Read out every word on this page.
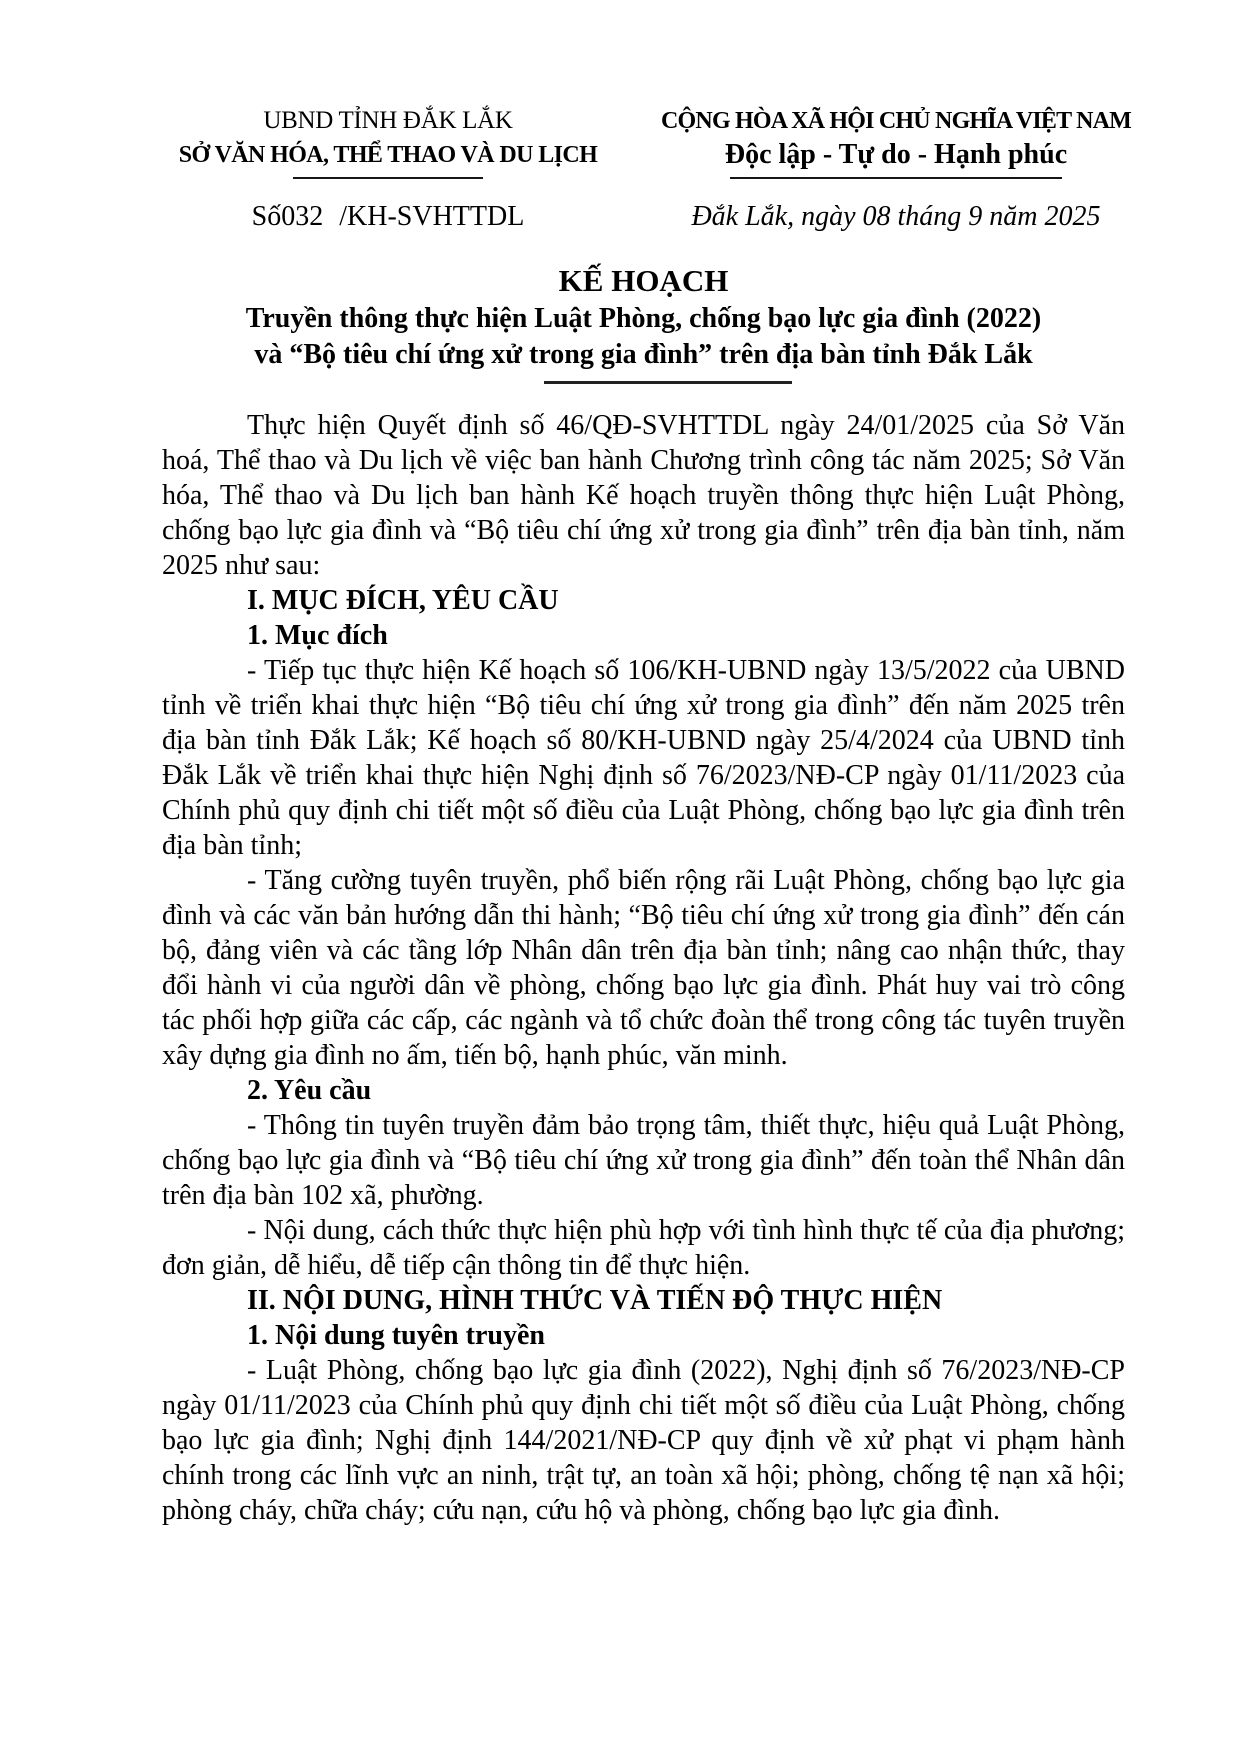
UBND TỈNH ĐẮK LẮK
SỞ VĂN HÓA, THỂ THAO VÀ DU LỊCH
CỘNG HÒA XÃ HỘI CHỦ NGHĨA VIỆT NAM
Độc lập - Tự do - Hạnh phúc
Số032 /KH-SVHTTDL	Đắk Lắk, ngày 08 tháng 9 năm 2025
KẾ HOẠCH
Truyền thông thực hiện Luật Phòng, chống bạo lực gia đình (2022)
và “Bộ tiêu chí ứng xử trong gia đình” trên địa bàn tỉnh Đắk Lắk

Thực hiện Quyết định số 46/QĐ-SVHTTDL ngày 24/01/2025 của Sở Văn hoá, Thể thao và Du lịch về việc ban hành Chương trình công tác năm 2025; Sở Văn hóa, Thể thao và Du lịch ban hành Kế hoạch truyền thông thực hiện Luật Phòng, chống bạo lực gia đình và “Bộ tiêu chí ứng xử trong gia đình” trên địa bàn tỉnh, năm 2025 như sau:

I. MỤC ĐÍCH, YÊU CẦU

1. Mục đích

- Tiếp tục thực hiện Kế hoạch số 106/KH-UBND ngày 13/5/2022 của UBND tỉnh về triển khai thực hiện “Bộ tiêu chí ứng xử trong gia đình” đến năm 2025 trên địa bàn tỉnh Đắk Lắk; Kế hoạch số 80/KH-UBND ngày 25/4/2024 của UBND tỉnh Đắk Lắk về triển khai thực hiện Nghị định số 76/2023/NĐ-CP ngày 01/11/2023 của Chính phủ quy định chi tiết một số điều của Luật Phòng, chống bạo lực gia đình trên địa bàn tỉnh;

- Tăng cường tuyên truyền, phổ biến rộng rãi Luật Phòng, chống bạo lực gia đình và các văn bản hướng dẫn thi hành; “Bộ tiêu chí ứng xử trong gia đình” đến cán bộ, đảng viên và các tầng lớp Nhân dân trên địa bàn tỉnh; nâng cao nhận thức, thay đổi hành vi của người dân về phòng, chống bạo lực gia đình. Phát huy vai trò công tác phối hợp giữa các cấp, các ngành và tổ chức đoàn thể trong công tác tuyên truyền xây dựng gia đình no ấm, tiến bộ, hạnh phúc, văn minh.

2. Yêu cầu

- Thông tin tuyên truyền đảm bảo trọng tâm, thiết thực, hiệu quả Luật Phòng, chống bạo lực gia đình và “Bộ tiêu chí ứng xử trong gia đình” đến toàn thể Nhân dân trên địa bàn 102 xã, phường.

- Nội dung, cách thức thực hiện phù hợp với tình hình thực tế của địa phương; đơn giản, dễ hiểu, dễ tiếp cận thông tin để thực hiện.

II. NỘI DUNG, HÌNH THỨC VÀ TIẾN ĐỘ THỰC HIỆN

1. Nội dung tuyên truyền

- Luật Phòng, chống bạo lực gia đình (2022), Nghị định số 76/2023/NĐ-CP ngày 01/11/2023 của Chính phủ quy định chi tiết một số điều của Luật Phòng, chống bạo lực gia đình; Nghị định 144/2021/NĐ-CP quy định về xử phạt vi phạm hành chính trong các lĩnh vực an ninh, trật tự, an toàn xã hội; phòng, chống tệ nạn xã hội; phòng cháy, chữa cháy; cứu nạn, cứu hộ và phòng, chống bạo lực gia đình.
